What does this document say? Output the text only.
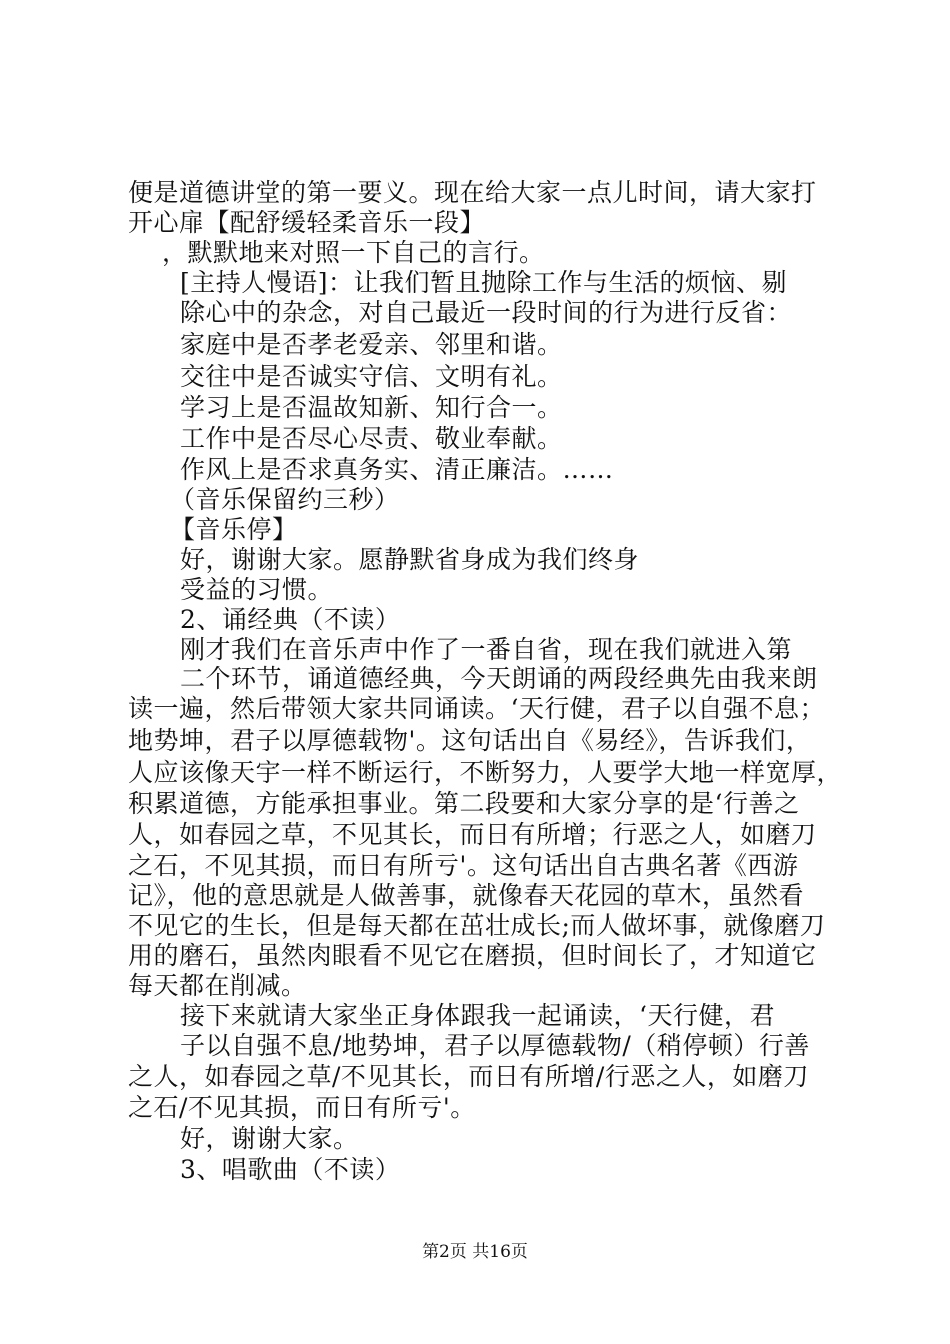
便是道德讲堂的第一要义。现在给大家一点儿时间，请大家打
开心扉【配舒缓轻柔音乐一段】
，默默地来对照一下自己的言行。
[主持人慢语]：让我们暂且抛除工作与生活的烦恼、剔
除心中的杂念，对自己最近一段时间的行为进行反省：
家庭中是否孝老爱亲、邻里和谐。
交往中是否诚实守信、文明有礼。
学习上是否温故知新、知行合一。
工作中是否尽心尽责、敬业奉献。
作风上是否求真务实、清正廉洁。……
（音乐保留约三秒）
【音乐停】
好，谢谢大家。愿静默省身成为我们终身
受益的习惯。
2、诵经典（不读）
刚才我们在音乐声中作了一番自省，现在我们就进入第
二个环节，诵道德经典，今天朗诵的两段经典先由我来朗
读一遍，然后带领大家共同诵读。‘天行健，君子以自强不息；
地势坤，君子以厚德载物'。这句话出自《易经》，告诉我们，
人应该像天宇一样不断运行，不断努力，人要学大地一样宽厚，
积累道德，方能承担事业。第二段要和大家分享的是‘行善之
人，如春园之草，不见其长，而日有所增；行恶之人，如磨刀
之石，不见其损，而日有所亏'。这句话出自古典名著《西游
记》，他的意思就是人做善事，就像春天花园的草木，虽然看
不见它的生长，但是每天都在茁壮成长;而人做坏事，就像磨刀
用的磨石，虽然肉眼看不见它在磨损，但时间长了，才知道它
每天都在削减。
接下来就请大家坐正身体跟我一起诵读，‘天行健，君
子以自强不息/地势坤，君子以厚德载物/（稍停顿）行善
之人，如春园之草/不见其长，而日有所增/行恶之人，如磨刀
之石/不见其损，而日有所亏'。
好，谢谢大家。
3、唱歌曲（不读）
第2页 共16页
